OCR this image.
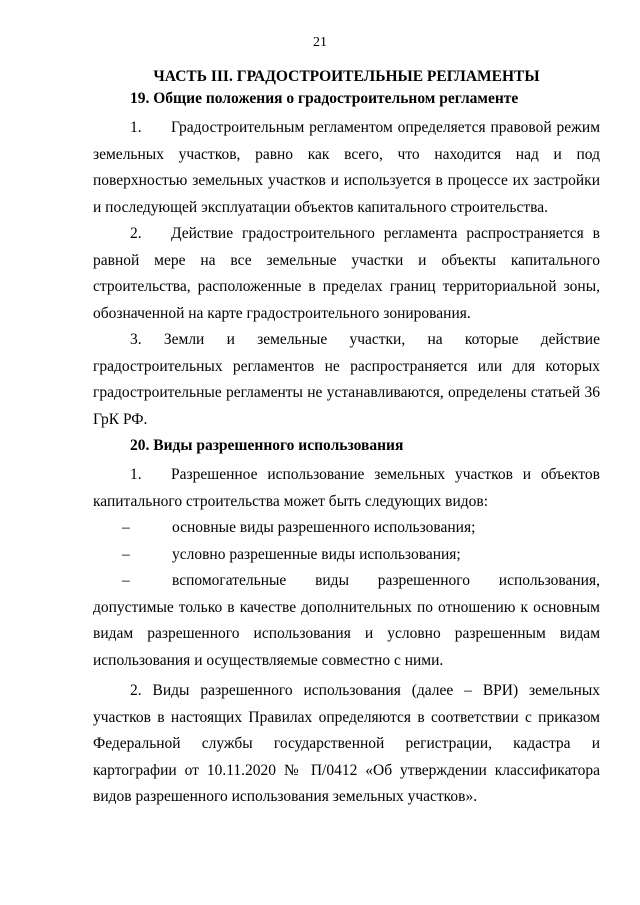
21
ЧАСТЬ III. ГРАДОСТРОИТЕЛЬНЫЕ РЕГЛАМЕНТЫ
19. Общие положения о градостроительном регламенте
1. Градостроительным регламентом определяется правовой режим земельных участков, равно как всего, что находится над и под поверхностью земельных участков и используется в процессе их застройки и последующей эксплуатации объектов капитального строительства.
2. Действие градостроительного регламента распространяется в равной мере на все земельные участки и объекты капитального строительства, расположенные в пределах границ территориальной зоны, обозначенной на карте градостроительного зонирования.
3. Земли и земельные участки, на которые действие градостроительных регламентов не распространяется или для которых градостроительные регламенты не устанавливаются, определены статьей 36 ГрК РФ.
20. Виды разрешенного использования
1. Разрешенное использование земельных участков и объектов капитального строительства может быть следующих видов:
–	основные виды разрешенного использования;
–	условно разрешенные виды использования;
–	вспомогательные виды разрешенного использования,
допустимые только в качестве дополнительных по отношению к основным видам разрешенного использования и условно разрешенным видам использования и осуществляемые совместно с ними.
2. Виды разрешенного использования (далее – ВРИ) земельных участков в настоящих Правилах определяются в соответствии с приказом Федеральной службы государственной регистрации, кадастра и картографии от 10.11.2020 № П/0412 «Об утверждении классификатора видов разрешенного использования земельных участков».
